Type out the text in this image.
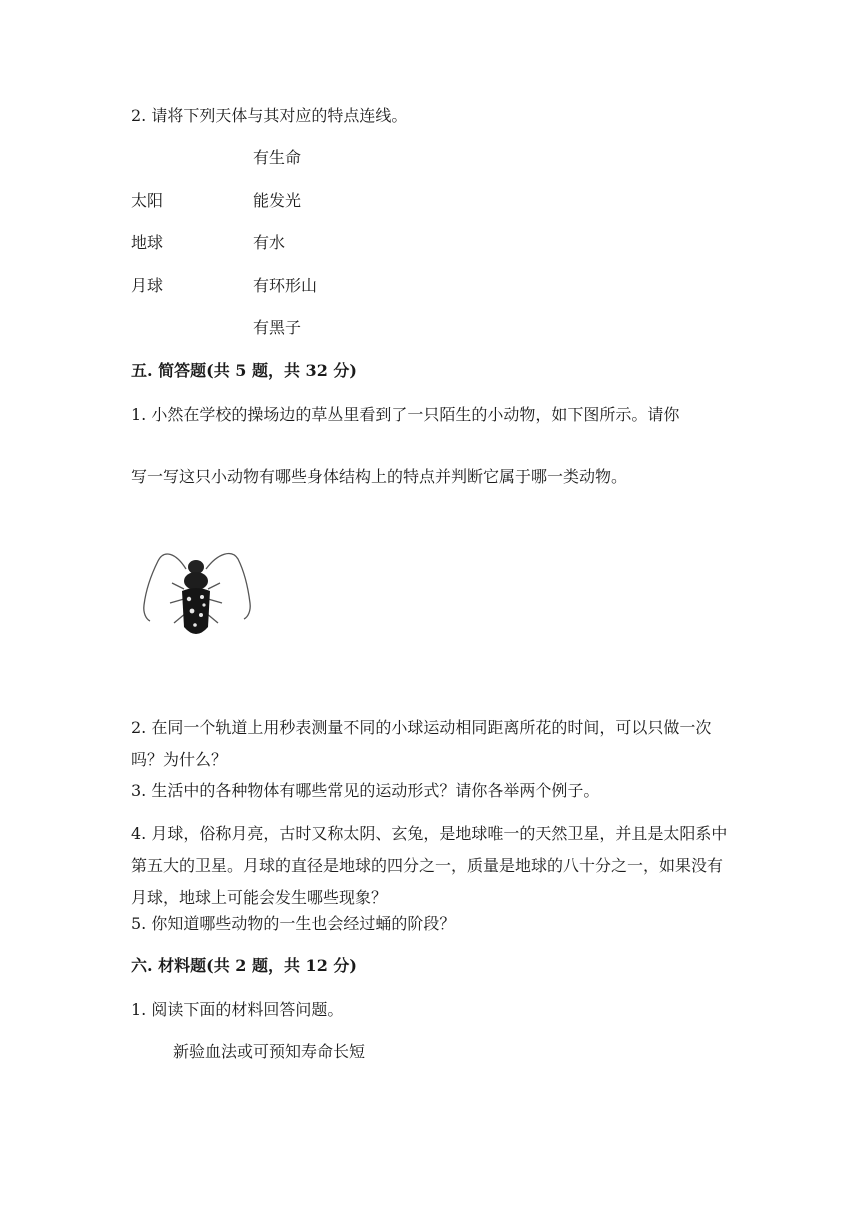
2. 请将下列天体与其对应的特点连线。
有生命
太阳	能发光
地球	有水
月球	有环形山
有黑子
五. 简答题(共 5 题，共 32 分)
1. 小然在学校的操场边的草丛里看到了一只陌生的小动物，如下图所示。请你
写一写这只小动物有哪些身体结构上的特点并判断它属于哪一类动物。
2. 在同一个轨道上用秒表测量不同的小球运动相同距离所花的时间，可以只做一次吗？为什么？
3. 生活中的各种物体有哪些常见的运动形式？请你各举两个例子。
4. 月球，俗称月亮，古时又称太阴、玄兔，是地球唯一的天然卫星，并且是太阳系中第五大的卫星。月球的直径是地球的四分之一，质量是地球的八十分之一，如果没有月球，地球上可能会发生哪些现象？
5. 你知道哪些动物的一生也会经过蛹的阶段？
六. 材料题(共 2 题，共 12 分)
1. 阅读下面的材料回答问题。
新验血法或可预知寿命长短
